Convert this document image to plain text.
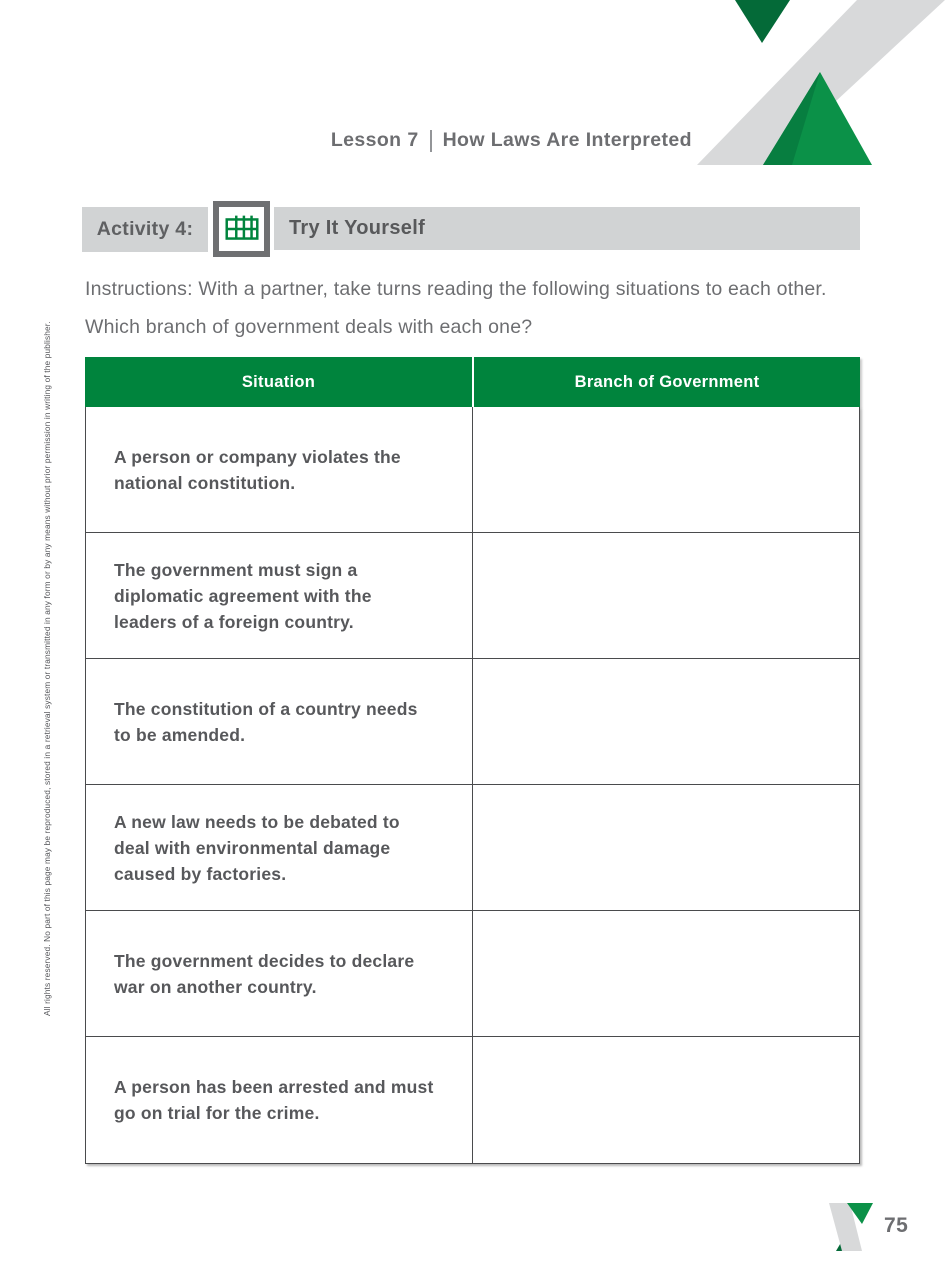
Lesson 7 How Laws Are Interpreted
Activity 4:	Try It Yourself

Instructions: With a partner, take turns reading the following situations to each other. Which branch of government deals with each one?

Situation	Branch of Government
A person or company violates the national constitution.
The government must sign a diplomatic agreement with the leaders of a foreign country.
The constitution of a country needs to be amended.
A new law needs to be debated to deal with environmental damage caused by factories.
The government decides to declare war on another country.
A person has been arrested and must go on trial for the crime.
75
All rights reserved. No part of this page may be reproduced, stored in a retrieval system or transmitted in any form or by any means without prior permission in writing of the publisher.
